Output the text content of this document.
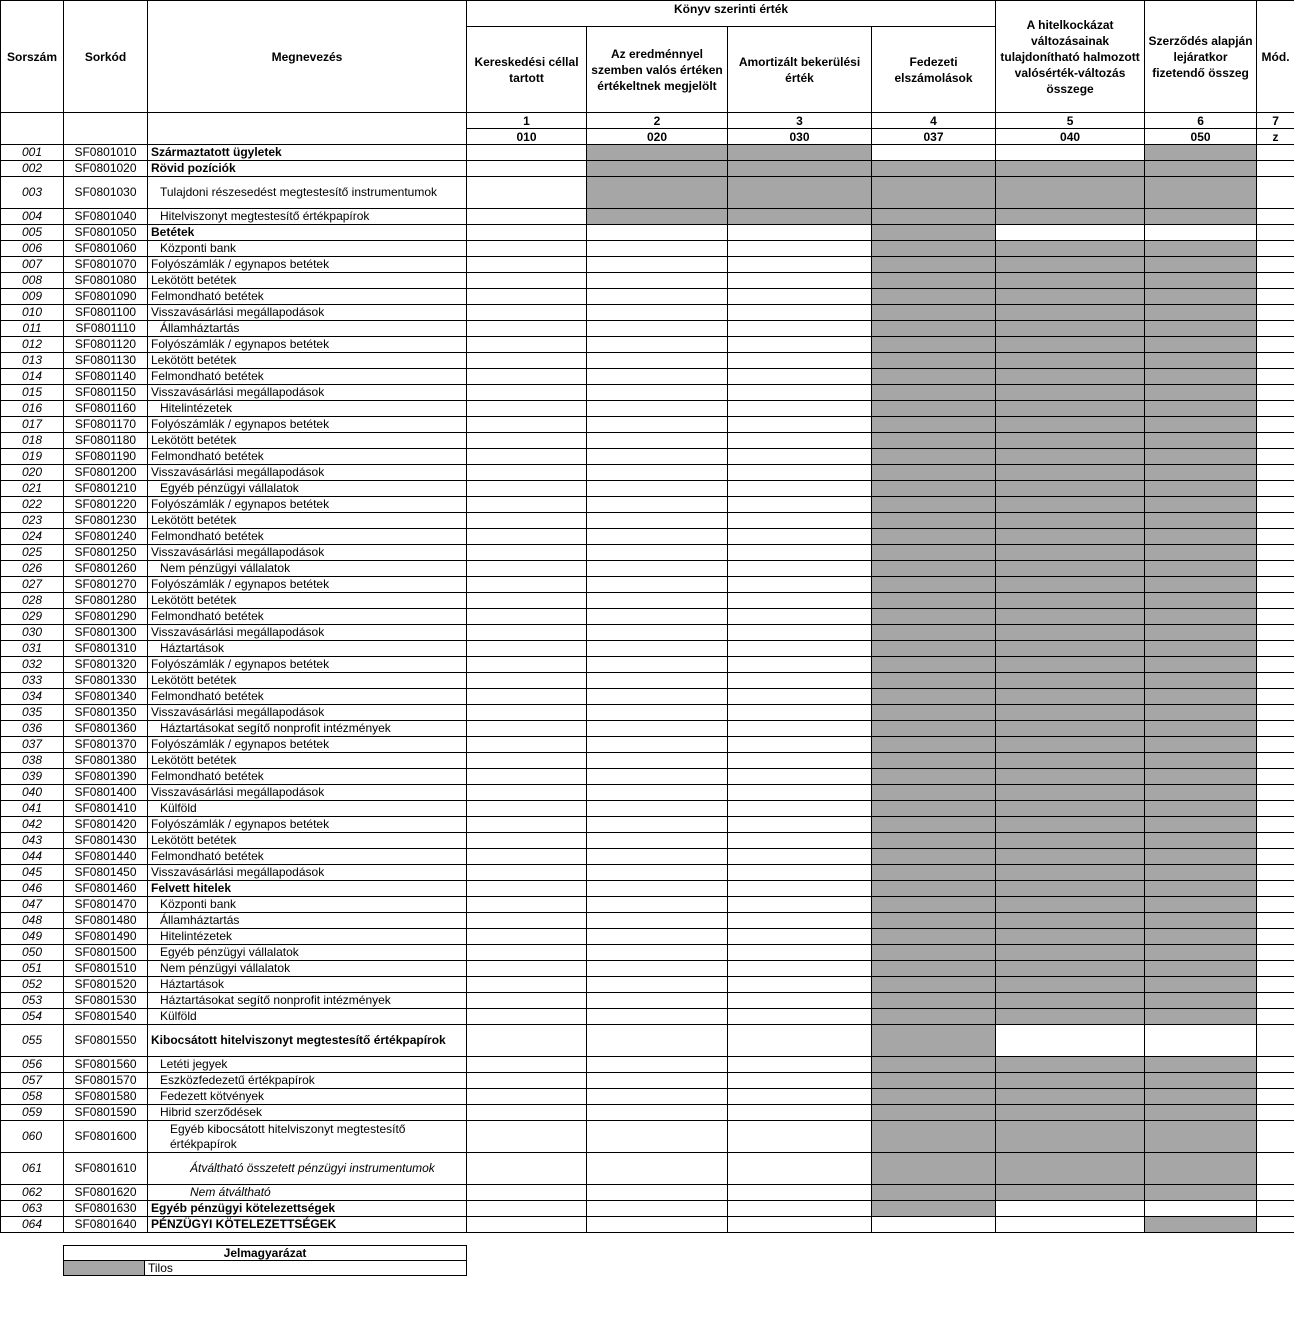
Sorszám	Sorkód	Megnevezés	Könyv szerinti érték				A hitelkockázat változásainak tulajdonítható halmozott valósérték-változás összege	Szerződés alapján lejáratkor fizetendő összeg	Mód.
			Kereskedési céllal tartott	Az eredménnyel szemben valós értéken értékeltnek megjelölt	Amortizált bekerülési érték	Fedezeti elszámolások			
			1	2	3	4	5	6	7
			010	020	030	037	040	050	z
001	SF0801010	Származtatott ügyletek							
002	SF0801020	Rövid pozíciók							
003	SF0801030	Tulajdoni részesedést megtestesítő instrumentumok							
004	SF0801040	Hitelviszonyt megtestesítő értékpapírok							
005	SF0801050	Betétek							
006	SF0801060	Központi bank							
007	SF0801070	Folyószámlák / egynapos betétek							
008	SF0801080	Lekötött betétek							
009	SF0801090	Felmondható betétek							
010	SF0801100	Visszavásárlási megállapodások							
011	SF0801110	Államháztartás							
012	SF0801120	Folyószámlák / egynapos betétek							
013	SF0801130	Lekötött betétek							
014	SF0801140	Felmondható betétek							
015	SF0801150	Visszavásárlási megállapodások							
016	SF0801160	Hitelintézetek							
017	SF0801170	Folyószámlák / egynapos betétek							
018	SF0801180	Lekötött betétek							
019	SF0801190	Felmondható betétek							
020	SF0801200	Visszavásárlási megállapodások							
021	SF0801210	Egyéb pénzügyi vállalatok							
022	SF0801220	Folyószámlák / egynapos betétek							
023	SF0801230	Lekötött betétek							
024	SF0801240	Felmondható betétek							
025	SF0801250	Visszavásárlási megállapodások							
026	SF0801260	Nem pénzügyi vállalatok							
027	SF0801270	Folyószámlák / egynapos betétek							
028	SF0801280	Lekötött betétek							
029	SF0801290	Felmondható betétek							
030	SF0801300	Visszavásárlási megállapodások							
031	SF0801310	Háztartások							
032	SF0801320	Folyószámlák / egynapos betétek							
033	SF0801330	Lekötött betétek							
034	SF0801340	Felmondható betétek							
035	SF0801350	Visszavásárlási megállapodások							
036	SF0801360	Háztartásokat segítő nonprofit intézmények							
037	SF0801370	Folyószámlák / egynapos betétek							
038	SF0801380	Lekötött betétek							
039	SF0801390	Felmondható betétek							
040	SF0801400	Visszavásárlási megállapodások							
041	SF0801410	Külföld							
042	SF0801420	Folyószámlák / egynapos betétek							
043	SF0801430	Lekötött betétek							
044	SF0801440	Felmondható betétek							
045	SF0801450	Visszavásárlási megállapodások							
046	SF0801460	Felvett hitelek							
047	SF0801470	Központi bank							
048	SF0801480	Államháztartás							
049	SF0801490	Hitelintézetek							
050	SF0801500	Egyéb pénzügyi vállalatok							
051	SF0801510	Nem pénzügyi vállalatok							
052	SF0801520	Háztartások							
053	SF0801530	Háztartásokat segítő nonprofit intézmények							
054	SF0801540	Külföld							
055	SF0801550	Kibocsátott hitelviszonyt megtestesítő értékpapírok							
056	SF0801560	Letéti jegyek							
057	SF0801570	Eszközfedezetű értékpapírok							
058	SF0801580	Fedezett kötvények							
059	SF0801590	Hibrid szerződések							
060	SF0801600	Egyéb kibocsátott hitelviszonyt megtestesítő értékpapírok							
061	SF0801610	Átváltható összetett pénzügyi instrumentumok							
062	SF0801620	Nem átváltható							
063	SF0801630	Egyéb pénzügyi kötelezettségek							
064	SF0801640	PÉNZÜGYI KÖTELEZETTSÉGEK							
Jelmagyarázat
	Tilos
